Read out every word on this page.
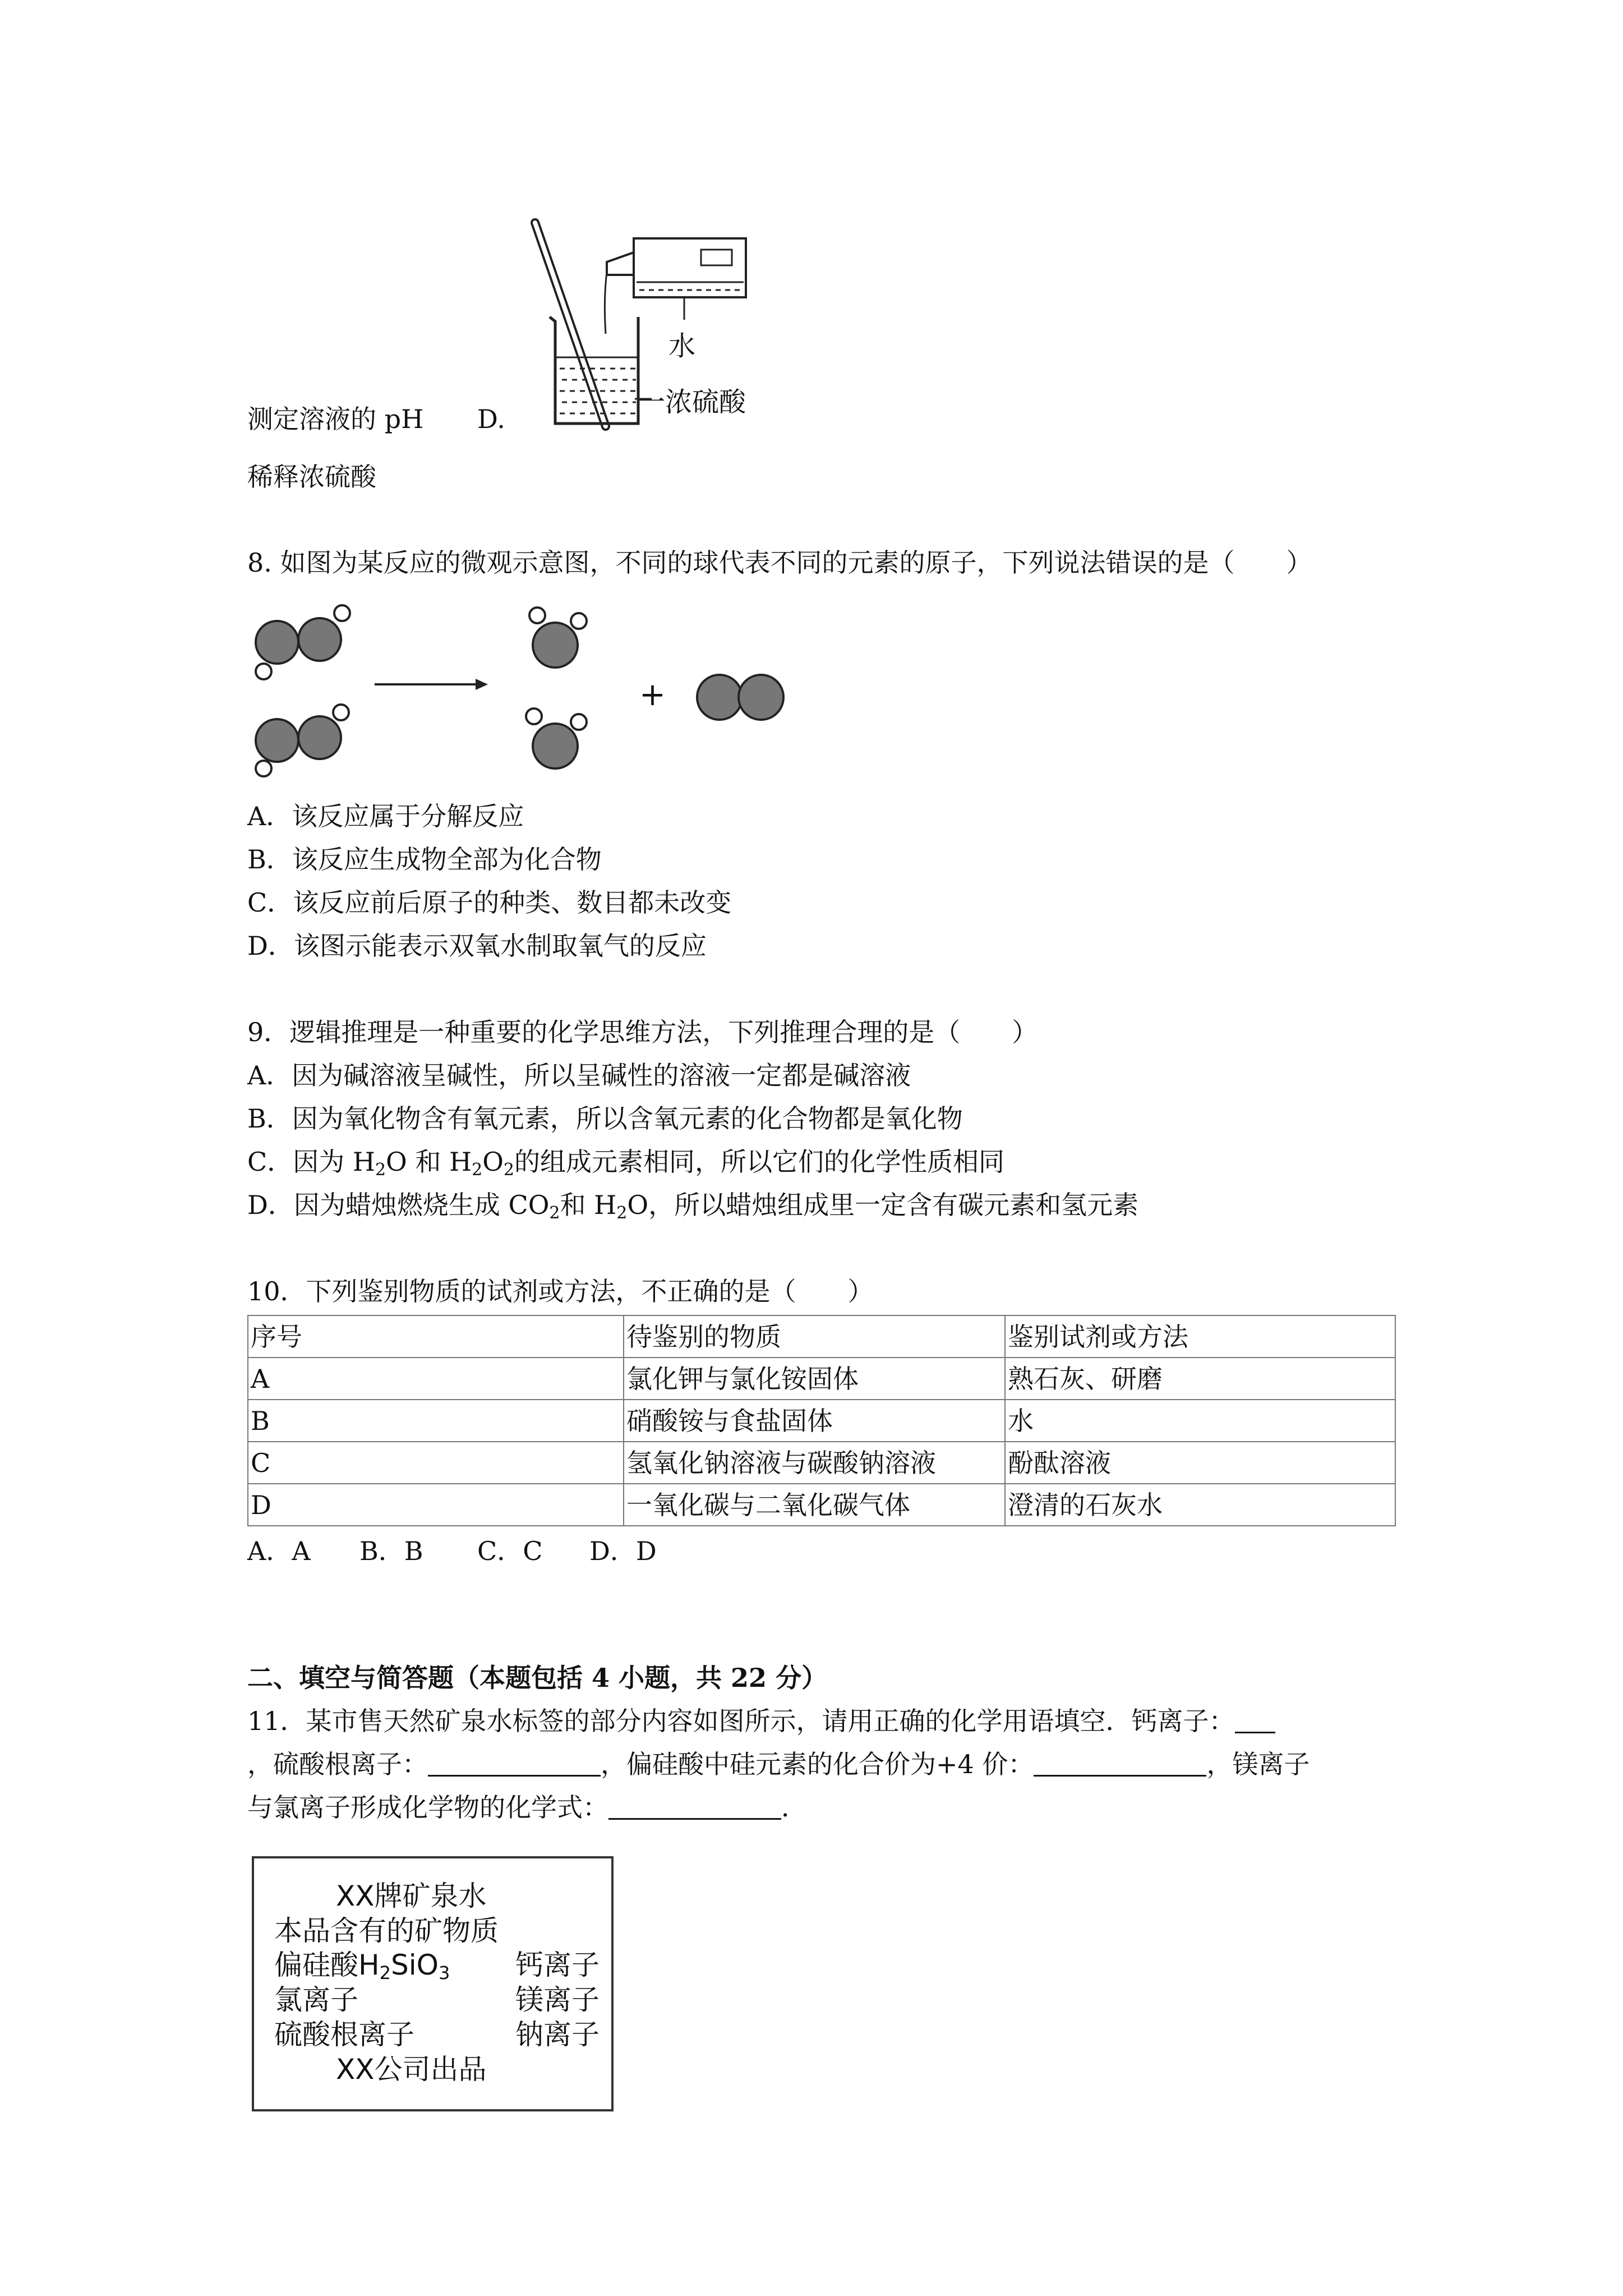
测定溶液的 pH D.
水
一浓硫酸
稀释浓硫酸
8. 如图为某反应的微观示意图，不同的球代表不同的元素的原子，下列说法错误的是（　　）
+
A．该反应属于分解反应
B．该反应生成物全部为化合物
C．该反应前后原子的种类、数目都未改变
D．该图示能表示双氧水制取氧气的反应
9．逻辑推理是一种重要的化学思维方法，下列推理合理的是（　　）
A．因为碱溶液呈碱性，所以呈碱性的溶液一定都是碱溶液
B．因为氧化物含有氧元素，所以含氧元素的化合物都是氧化物
C．因为 $H_2O$ 和 $H_2O_2$的组成元素相同，所以它们的化学性质相同
D．因为蜡烛燃烧生成 $CO_2$和 $H_2O$，所以蜡烛组成里一定含有碳元素和氢元素
10．下列鉴别物质的试剂或方法，不正确的是（　　）
序号	待鉴别的物质	鉴别试剂或方法
A	氯化钾与氯化铵固体	熟石灰、研磨
B	硝酸铵与食盐固体	水
C	氢氧化钠溶液与碳酸钠溶液	酚酞溶液
D	一氧化碳与二氧化碳气体	澄清的石灰水
A．A B．B C．C D．D
二、填空与简答题（本题包括 4 小题，共 22 分）
11．某市售天然矿泉水标签的部分内容如图所示，请用正确的化学用语填空．钙离子：
，硫酸根离子：	，偏硅酸中硅元素的化合价为+4 价：	，镁离子
与氯离子形成化学物的化学式：	．
XX牌矿泉水
本品含有的矿物质
偏硅酸$H_2SiO_3$ 钙离子
氯离子	镁离子
硫酸根离子	钠离子
XX公司出品
